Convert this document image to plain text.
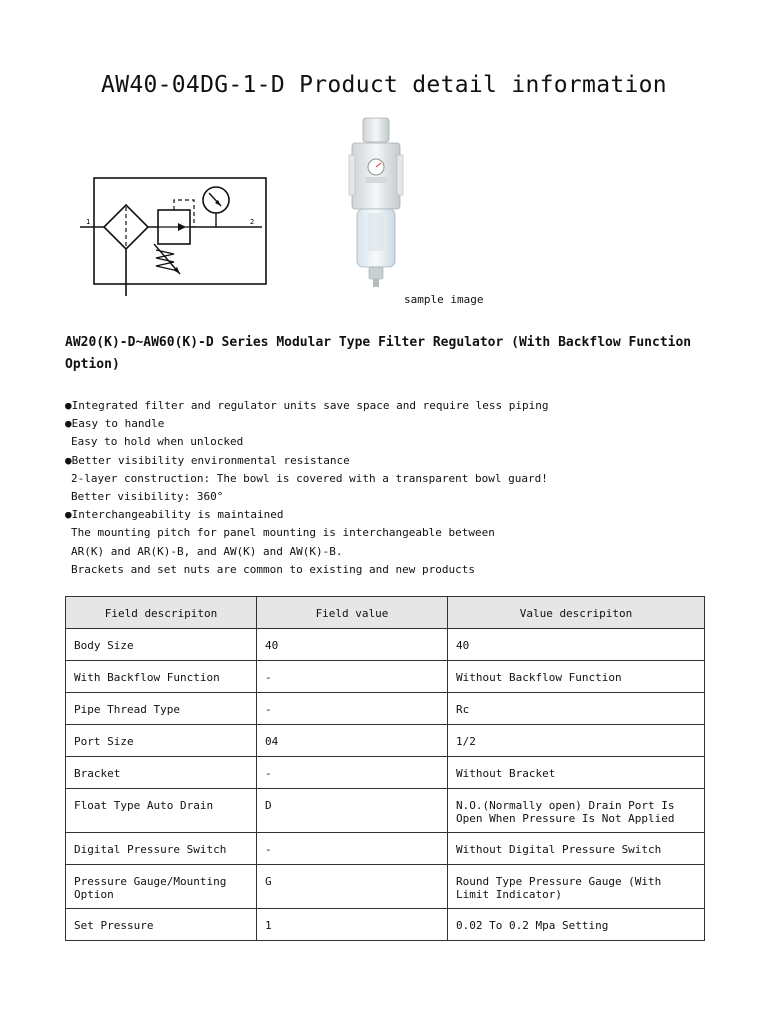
AW40-04DG-1-D Product detail information
1	2
sample image
AW20(K)-D~AW60(K)-D Series Modular Type Filter Regulator (With Backflow Function Option)
●Integrated filter and regulator units save space and require less piping
●Easy to handle
Easy to hold when unlocked
●Better visibility environmental resistance
2-layer construction: The bowl is covered with a transparent bowl guard!
Better visibility: 360°
●Interchangeability is maintained
The mounting pitch for panel mounting is interchangeable between
AR(K) and AR(K)-B, and AW(K) and AW(K)-B.
Brackets and set nuts are common to existing and new products
Field descripiton	Field value	Value descripiton
Body Size	40	40
With Backflow Function	-	Without Backflow Function
Pipe Thread Type	-	Rc
Port Size	04	1/2
Bracket	-	Without Bracket
Float Type Auto Drain	D	N.O.(Normally open) Drain Port Is Open When Pressure Is Not Applied
Digital Pressure Switch	-	Without Digital Pressure Switch
Pressure Gauge/Mounting Option	G	Round Type Pressure Gauge (With Limit Indicator)
Set Pressure	1	0.02 To 0.2 Mpa Setting
